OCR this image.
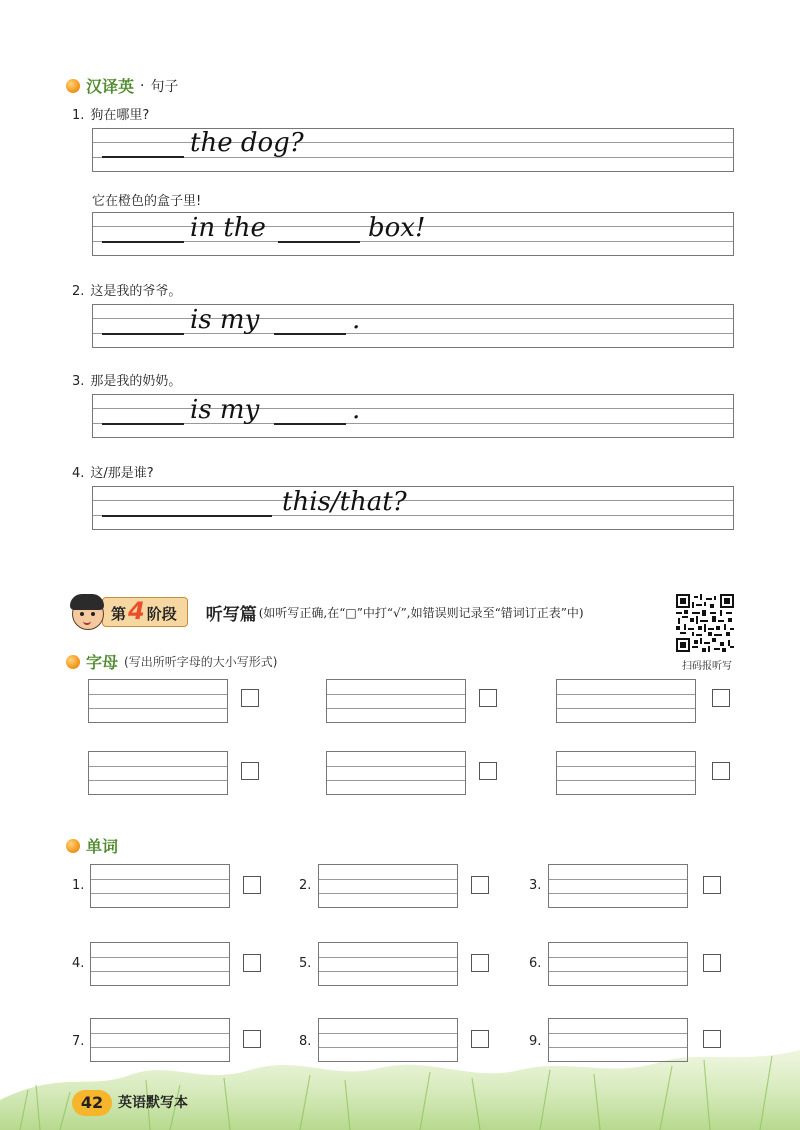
汉译英 · 句子
1. 狗在哪里?
the dog?
它在橙色的盒子里!
in the	box!
2. 这是我的爷爷。
is my	.
3. 那是我的奶奶。
is my	.
4. 这/那是谁?
this/that?
第 4 阶段 听写篇 (如听写正确,在“□”中打“√”,如错误则记录至“错词订正表”中)
扫码报听写
字母 (写出所听字母的大小写形式)
单词
1.	2.	3.
4.	5.	6.
7.	8.	9.
42	英语默写本
